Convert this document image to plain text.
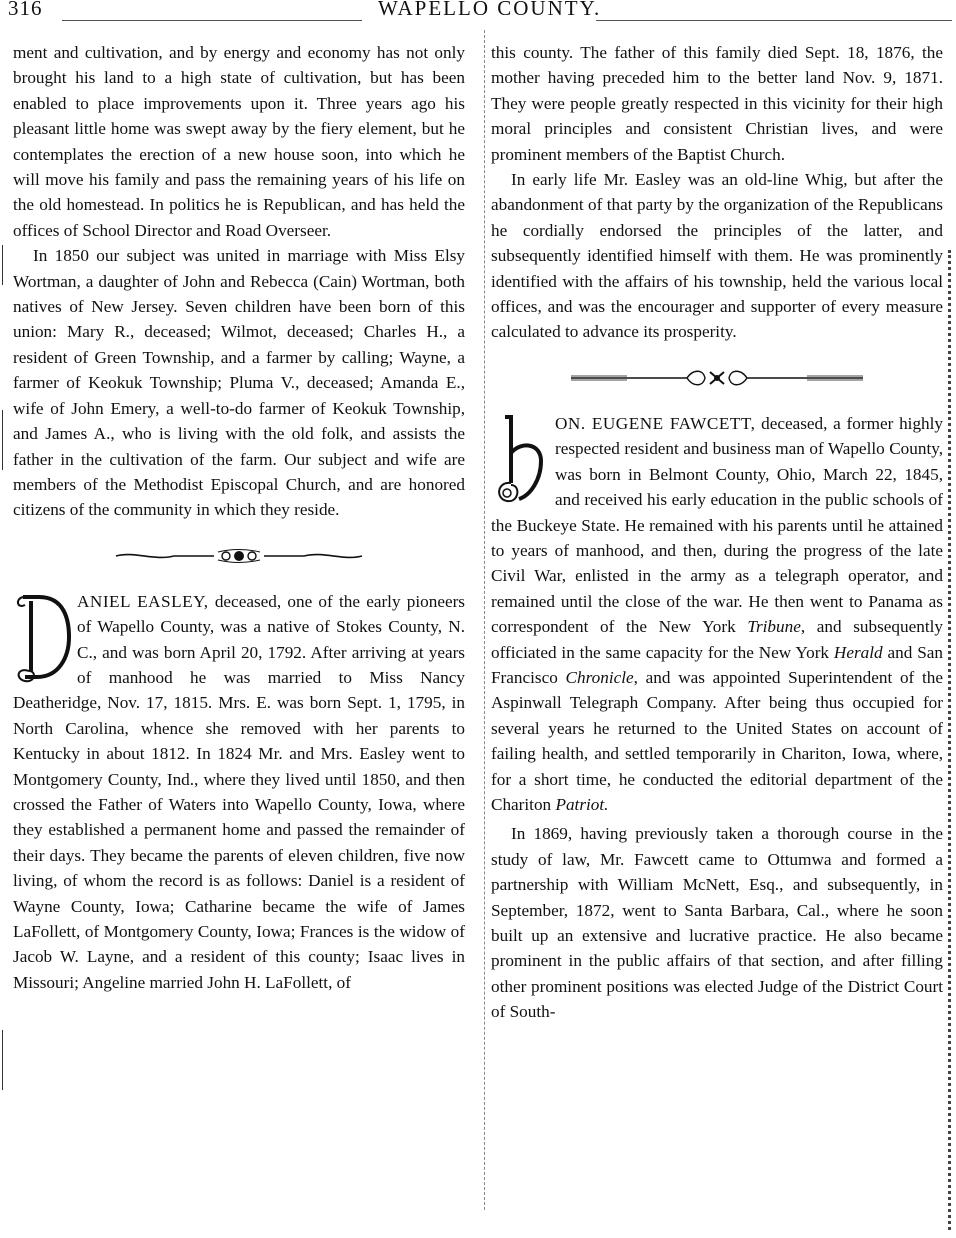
316	WAPELLO COUNTY.

ment and cultivation, and by energy and economy has not only brought his land to a high state of cultivation, but has been enabled to place improvements upon it. Three years ago his pleasant little home was swept away by the fiery element, but he contemplates the erection of a new house soon, into which he will move his family and pass the remaining years of his life on the old homestead. In politics he is Republican, and has held the offices of School Director and Road Overseer.

In 1850 our subject was united in marriage with Miss Elsy Wortman, a daughter of John and Rebecca (Cain) Wortman, both natives of New Jersey. Seven children have been born of this union: Mary R., deceased; Wilmot, deceased; Charles H., a resident of Green Township, and a farmer by calling; Wayne, a farmer of Keokuk Township; Pluma V., deceased; Amanda E., wife of John Emery, a well-to-do farmer of Keokuk Township, and James A., who is living with the old folk, and assists the father in the cultivation of the farm. Our subject and wife are members of the Methodist Episcopal Church, and are honored citizens of the community in which they reside.

ANIEL EASLEY, deceased, one of the early pioneers of Wapello County, was a native of Stokes County, N. C., and was born April 20, 1792. After arriving at years of manhood he was married to Miss Nancy Deatheridge, Nov. 17, 1815. Mrs. E. was born Sept. 1, 1795, in North Carolina, whence she removed with her parents to Kentucky in about 1812. In 1824 Mr. and Mrs. Easley went to Montgomery County, Ind., where they lived until 1850, and then crossed the Father of Waters into Wapello County, Iowa, where they established a permanent home and passed the remainder of their days. They became the parents of eleven children, five now living, of whom the record is as follows: Daniel is a resident of Wayne County, Iowa; Catharine became the wife of James LaFollett, of Montgomery County, Iowa; Frances is the widow of Jacob W. Layne, and a resident of this county; Isaac lives in Missouri; Angeline married John H. LaFollett, of

this county. The father of this family died Sept. 18, 1876, the mother having preceded him to the better land Nov. 9, 1871. They were people greatly respected in this vicinity for their high moral principles and consistent Christian lives, and were prominent members of the Baptist Church.

In early life Mr. Easley was an old-line Whig, but after the abandonment of that party by the organization of the Republicans he cordially endorsed the principles of the latter, and subsequently identified himself with them. He was prominently identified with the affairs of his township, held the various local offices, and was the encourager and supporter of every measure calculated to advance its prosperity.

ON. EUGENE FAWCETT, deceased, a former highly respected resident and business man of Wapello County, was born in Belmont County, Ohio, March 22, 1845, and received his early education in the public schools of the Buckeye State. He remained with his parents until he attained to years of manhood, and then, during the progress of the late Civil War, enlisted in the army as a telegraph operator, and remained until the close of the war. He then went to Panama as correspondent of the New York Tribune, and subsequently officiated in the same capacity for the New York Herald and San Francisco Chronicle, and was appointed Superintendent of the Aspinwall Telegraph Company. After being thus occupied for several years he returned to the United States on account of failing health, and settled temporarily in Chariton, Iowa, where, for a short time, he conducted the editorial department of the Chariton Patriot.

In 1869, having previously taken a thorough course in the study of law, Mr. Fawcett came to Ottumwa and formed a partnership with William McNett, Esq., and subsequently, in September, 1872, went to Santa Barbara, Cal., where he soon built up an extensive and lucrative practice. He also became prominent in the public affairs of that section, and after filling other prominent positions was elected Judge of the District Court of South-
